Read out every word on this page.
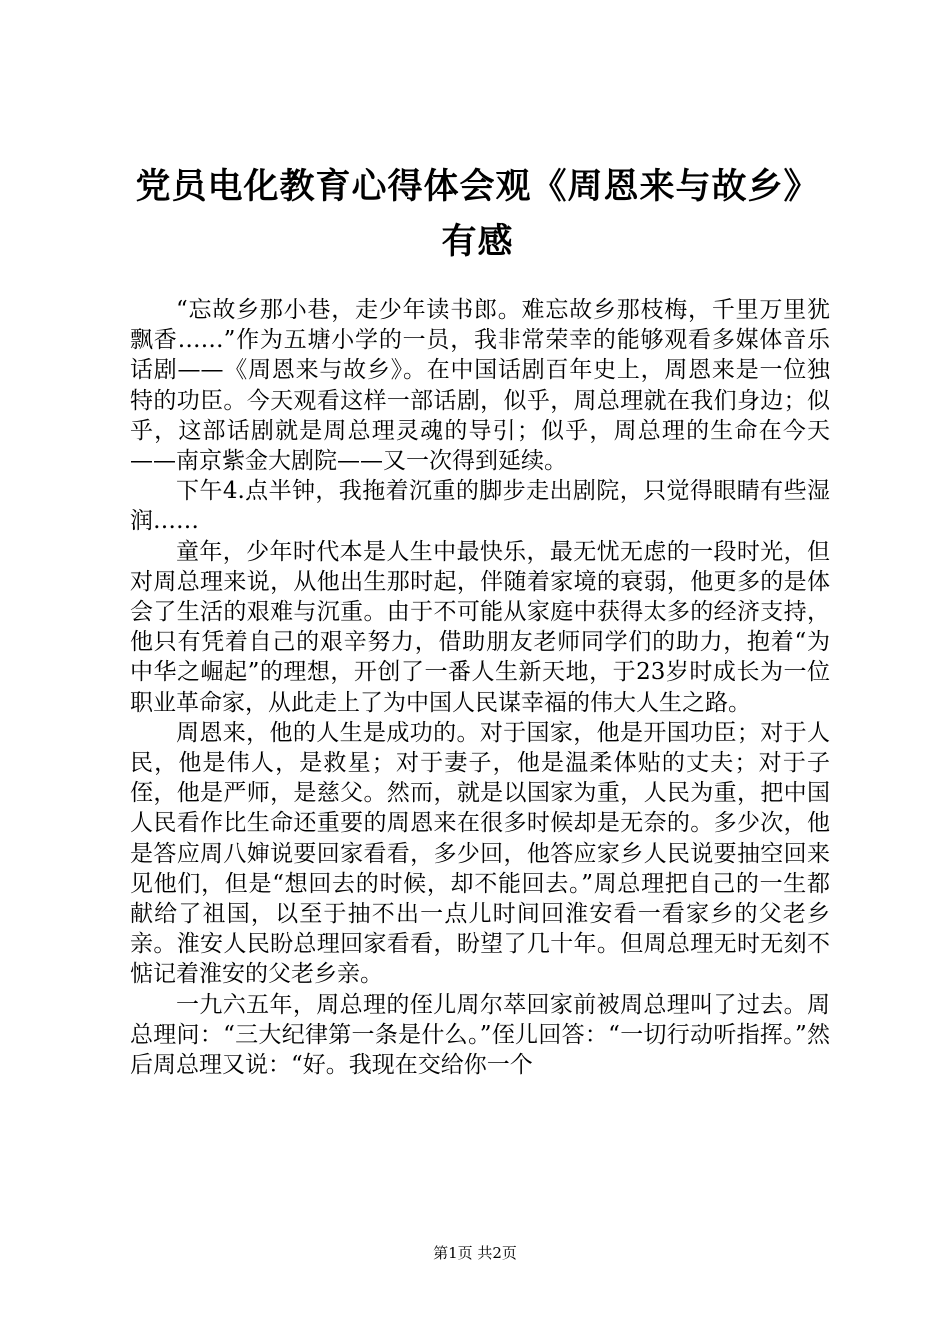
党员电化教育心得体会观《周恩来与故乡》有感

“忘故乡那小巷，走少年读书郎。难忘故乡那枝梅，千里万里犹飘香……”作为五塘小学的一员，我非常荣幸的能够观看多媒体音乐话剧——《周恩来与故乡》。在中国话剧百年史上，周恩来是一位独特的功臣。今天观看这样一部话剧，似乎，周总理就在我们身边；似乎，这部话剧就是周总理灵魂的导引；似乎，周总理的生命在今天——南京紫金大剧院——又一次得到延续。

下午4.点半钟，我拖着沉重的脚步走出剧院，只觉得眼睛有些湿润……

童年，少年时代本是人生中最快乐，最无忧无虑的一段时光，但对周总理来说，从他出生那时起，伴随着家境的衰弱，他更多的是体会了生活的艰难与沉重。由于不可能从家庭中获得太多的经济支持，他只有凭着自己的艰辛努力，借助朋友老师同学们的助力，抱着“为中华之崛起”的理想，开创了一番人生新天地，于23岁时成长为一位职业革命家，从此走上了为中国人民谋幸福的伟大人生之路。

周恩来，他的人生是成功的。对于国家，他是开国功臣；对于人民，他是伟人，是救星；对于妻子，他是温柔体贴的丈夫；对于子侄，他是严师，是慈父。然而，就是以国家为重，人民为重，把中国人民看作比生命还重要的周恩来在很多时候却是无奈的。多少次，他是答应周八婶说要回家看看，多少回，他答应家乡人民说要抽空回来见他们，但是“想回去的时候，却不能回去。”周总理把自己的一生都献给了祖国，以至于抽不出一点儿时间回淮安看一看家乡的父老乡亲。淮安人民盼总理回家看看，盼望了几十年。但周总理无时无刻不惦记着淮安的父老乡亲。

一九六五年，周总理的侄儿周尔萃回家前被周总理叫了过去。周总理问：“三大纪律第一条是什么。”侄儿回答：“一切行动听指挥。”然后周总理又说：“好。我现在交给你一个

第1页 共2页
